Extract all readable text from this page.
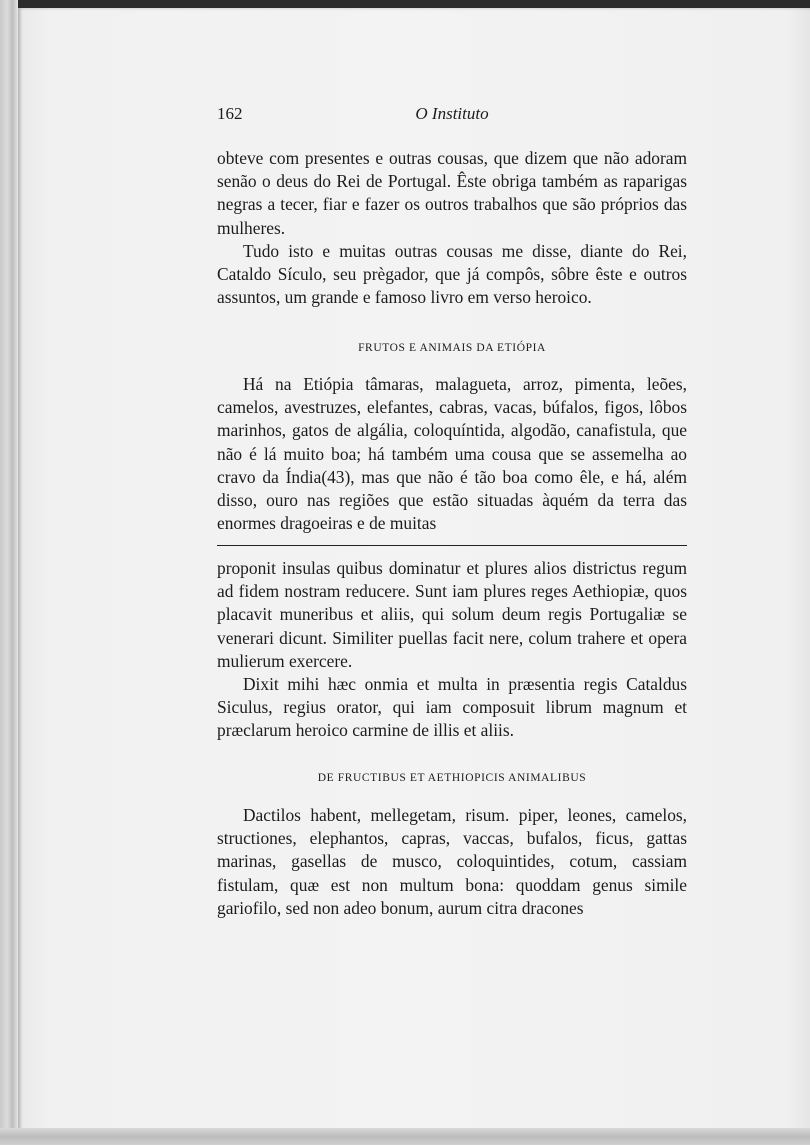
162	O Instituto

obteve com presentes e outras cousas, que dizem que não adoram senão o deus do Rei de Portugal. Êste obriga também as raparigas negras a tecer, fiar e fazer os outros trabalhos que são próprios das mulheres.

Tudo isto e muitas outras cousas me disse, diante do Rei, Cataldo Sículo, seu prègador, que já compôs, sôbre êste e outros assuntos, um grande e famoso livro em verso heroico.

FRUTOS E ANIMAIS DA ETIÓPIA

Há na Etiópia tâmaras, malagueta, arroz, pimenta, leões, camelos, avestruzes, elefantes, cabras, vacas, búfalos, figos, lôbos marinhos, gatos de algália, coloquíntida, algodão, canafistula, que não é lá muito boa; há também uma cousa que se assemelha ao cravo da Índia(43), mas que não é tão boa como êle, e há, além disso, ouro nas regiões que estão situadas àquém da terra das enormes dragoeiras e de muitas

proponit insulas quibus dominatur et plures alios districtus regum ad fidem nostram reducere. Sunt iam plures reges Aethiopiæ, quos placavit muneribus et aliis, qui solum deum regis Portugaliæ se venerari dicunt. Similiter puellas facit nere, colum trahere et opera mulierum exercere.

Dixit mihi hæc onmia et multa in præsentia regis Cataldus Siculus, regius orator, qui iam composuit librum magnum et præclarum heroico carmine de illis et aliis.

DE FRUCTIBUS ET AETHIOPICIS ANIMALIBUS

Dactilos habent, mellegetam, risum. piper, leones, camelos, structiones, elephantos, capras, vaccas, bufalos, ficus, gattas marinas, gasellas de musco, coloquintides, cotum, cassiam fistulam, quæ est non multum bona: quoddam genus simile gariofilo, sed non adeo bonum, aurum citra dracones
